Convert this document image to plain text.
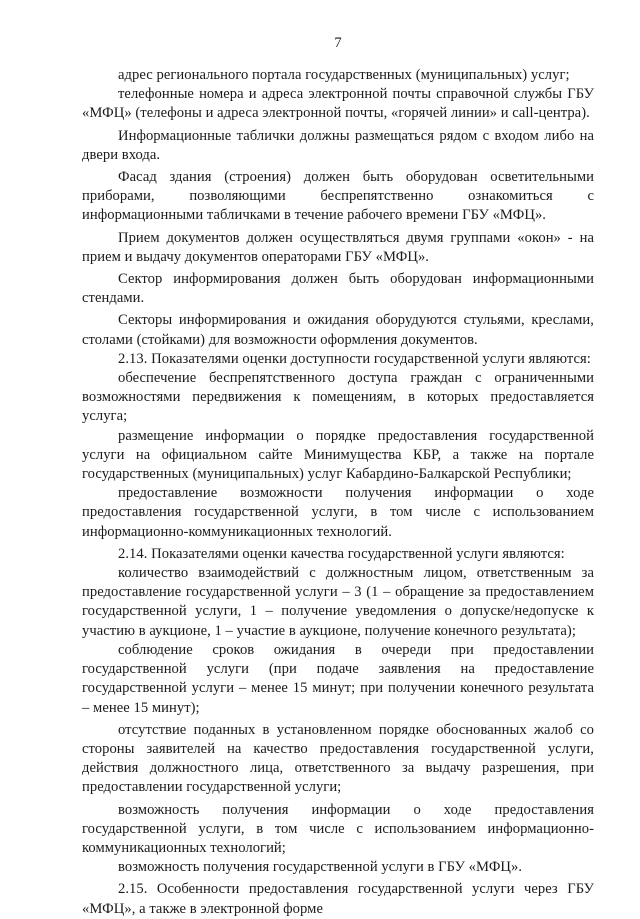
7

адрес регионального портала государственных (муниципальных) услуг;

телефонные номера и адреса электронной почты справочной службы ГБУ «МФЦ» (телефоны и адреса электронной почты, «горячей линии» и call-центра).

Информационные таблички должны размещаться рядом с входом либо на двери входа.

Фасад здания (строения) должен быть оборудован осветительными приборами, позволяющими беспрепятственно ознакомиться с информационными табличками в течение рабочего времени ГБУ «МФЦ».

Прием документов должен осуществляться двумя группами «окон» - на прием и выдачу документов операторами ГБУ «МФЦ».

Сектор информирования должен быть оборудован информационными стендами.

Секторы информирования и ожидания оборудуются стульями, креслами, столами (стойками) для возможности оформления документов.

2.13. Показателями оценки доступности государственной услуги являются:

обеспечение беспрепятственного доступа граждан с ограниченными возможностями передвижения к помещениям, в которых предоставляется услуга;

размещение информации о порядке предоставления государственной услуги на официальном сайте Минимущества КБР, а также на портале государственных (муниципальных) услуг Кабардино-Балкарской Республики;

предоставление возможности получения информации о ходе предоставления государственной услуги, в том числе с использованием информационно-коммуникационных технологий.

2.14. Показателями оценки качества государственной услуги являются:

количество взаимодействий с должностным лицом, ответственным за предоставление государственной услуги – 3 (1 – обращение за предоставлением государственной услуги, 1 – получение уведомления о допуске/недопуске к участию в аукционе, 1 – участие в аукционе, получение конечного результата);

соблюдение сроков ожидания в очереди при предоставлении государственной услуги (при подаче заявления на предоставление государственной услуги – менее 15 минут; при получении конечного результата – менее 15 минут);

отсутствие поданных в установленном порядке обоснованных жалоб со стороны заявителей на качество предоставления государственной услуги, действия должностного лица, ответственного за выдачу разрешения, при предоставлении государственной услуги;

возможность получения информации о ходе предоставления государственной услуги, в том числе с использованием информационно-коммуникационных технологий;

возможность получения государственной услуги в ГБУ «МФЦ».

2.15. Особенности предоставления государственной услуги через ГБУ «МФЦ», а также в электронной форме
